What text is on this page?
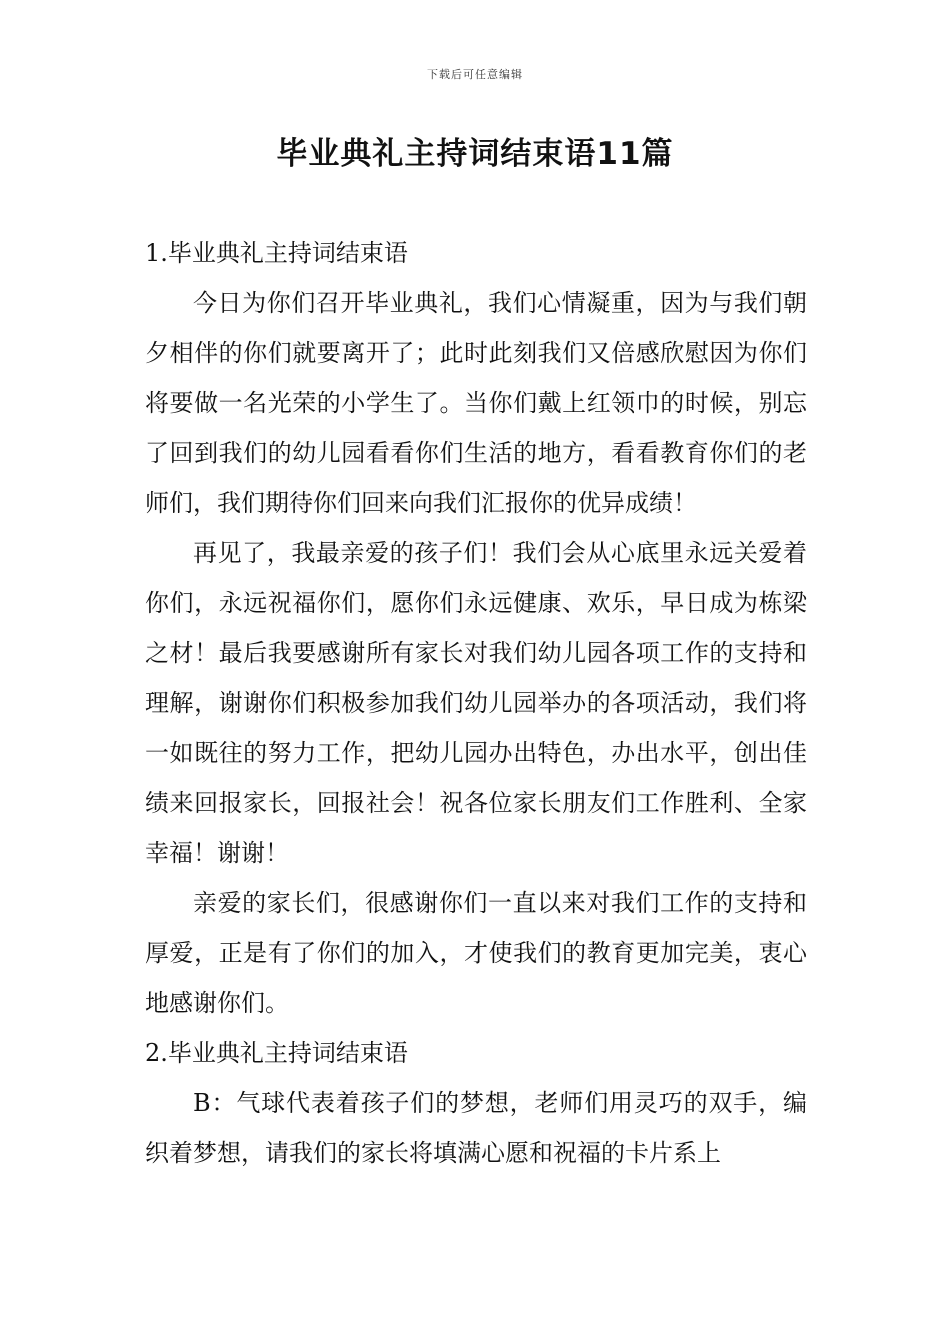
下载后可任意编辑
毕业典礼主持词结束语11篇

1.毕业典礼主持词结束语

今日为你们召开毕业典礼，我们心情凝重，因为与我们朝夕相伴的你们就要离开了；此时此刻我们又倍感欣慰因为你们将要做一名光荣的小学生了。当你们戴上红领巾的时候，别忘了回到我们的幼儿园看看你们生活的地方，看看教育你们的老师们，我们期待你们回来向我们汇报你的优异成绩！

再见了，我最亲爱的孩子们！我们会从心底里永远关爱着你们，永远祝福你们，愿你们永远健康、欢乐，早日成为栋梁之材！最后我要感谢所有家长对我们幼儿园各项工作的支持和理解，谢谢你们积极参加我们幼儿园举办的各项活动，我们将一如既往的努力工作，把幼儿园办出特色，办出水平，创出佳绩来回报家长，回报社会！祝各位家长朋友们工作胜利、全家幸福！谢谢！

亲爱的家长们，很感谢你们一直以来对我们工作的支持和厚爱，正是有了你们的加入，才使我们的教育更加完美，衷心地感谢你们。

2.毕业典礼主持词结束语

B：气球代表着孩子们的梦想，老师们用灵巧的双手，编织着梦想，请我们的家长将填满心愿和祝福的卡片系上
